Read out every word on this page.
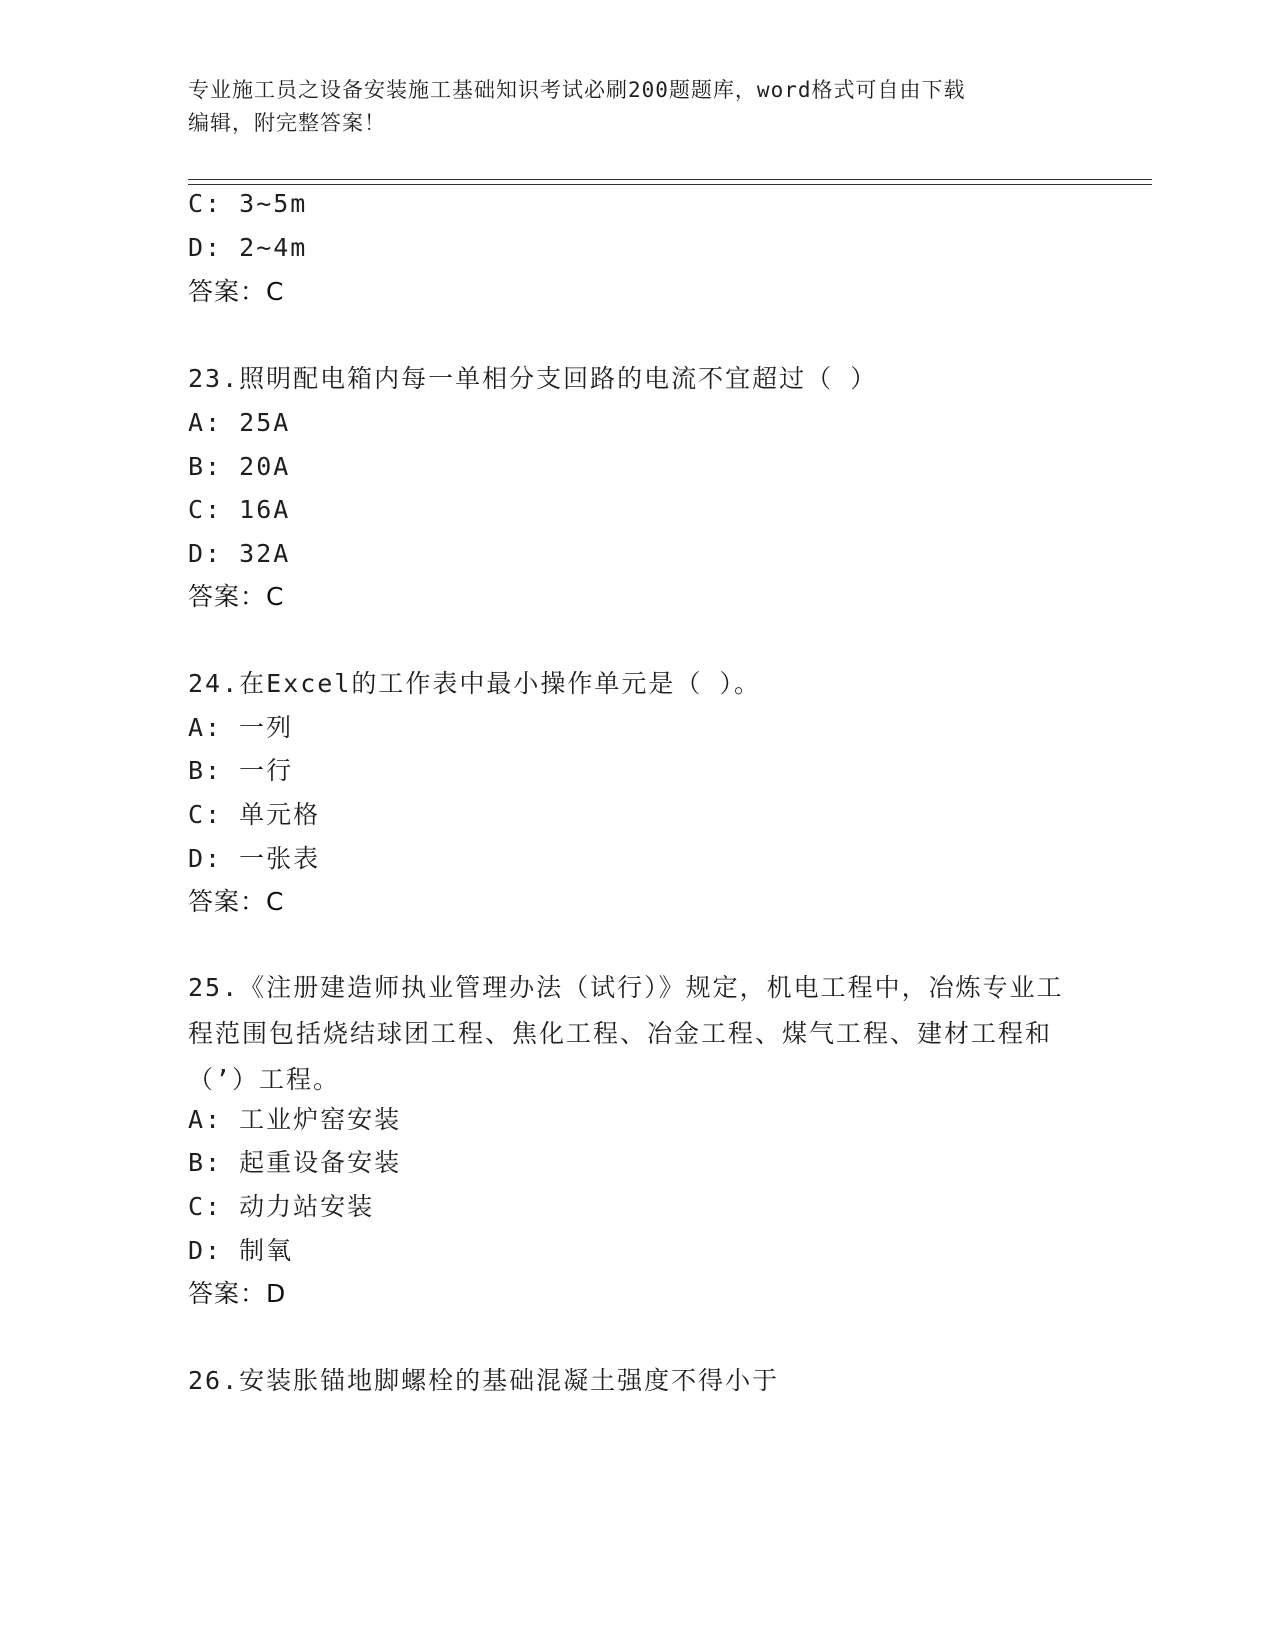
专业施工员之设备安装施工基础知识考试必刷200题题库，word格式可自由下载
编辑，附完整答案！
C: 3~5m
D: 2~4m
答案：C
23.照明配电箱内每一单相分支回路的电流不宜超过（ ）
A: 25A
B: 20A
C: 16A
D: 32A
答案：C
24.在Excel的工作表中最小操作单元是（ ）。
A: 一列
B: 一行
C: 单元格
D: 一张表
答案：C
25.《注册建造师执业管理办法（试行）》规定，机电工程中，冶炼专业工程范围包括烧结球团工程、焦化工程、冶金工程、煤气工程、建材工程和（’）工程。
A: 工业炉窑安装
B: 起重设备安装
C: 动力站安装
D: 制氧
答案：D
26.安装胀锚地脚螺栓的基础混凝土强度不得小于
